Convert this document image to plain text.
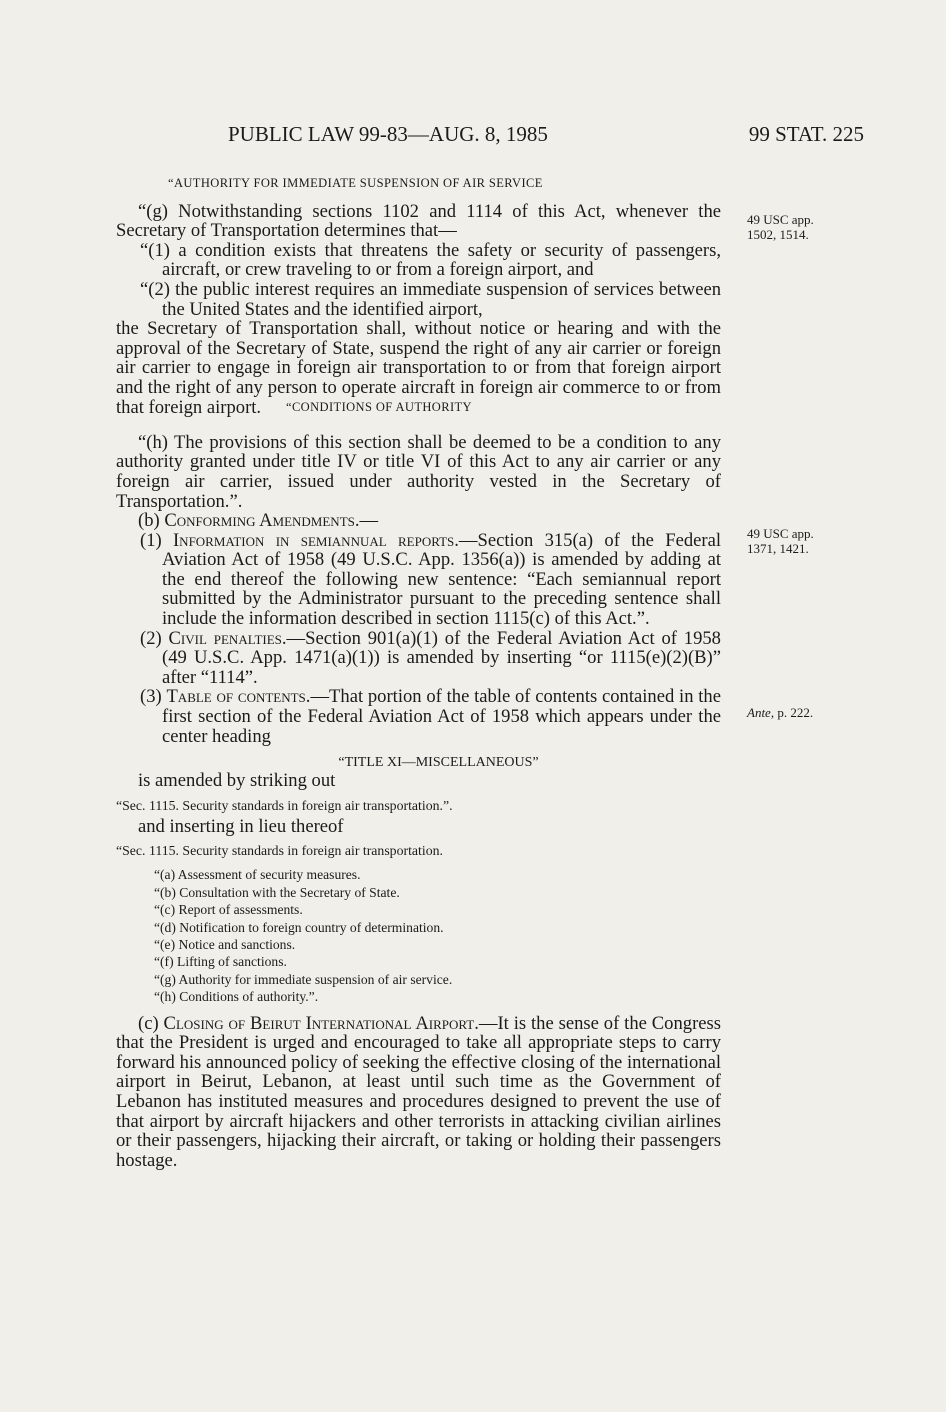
PUBLIC LAW 99-83—AUG. 8, 1985	99 STAT. 225
49 USC app.
1502, 1514.
49 USC app.
1371, 1421.
Ante, p. 222.
“AUTHORITY FOR IMMEDIATE SUSPENSION OF AIR SERVICE

“(g) Notwithstanding sections 1102 and 1114 of this Act, whenever the Secretary of Transportation determines that—

“(1) a condition exists that threatens the safety or security of passengers, aircraft, or crew traveling to or from a foreign airport, and

“(2) the public interest requires an immediate suspension of services between the United States and the identified airport,

the Secretary of Transportation shall, without notice or hearing and with the approval of the Secretary of State, suspend the right of any air carrier or foreign air carrier to engage in foreign air transportation to or from that foreign airport and the right of any person to operate aircraft in foreign air commerce to or from that foreign airport.	“CONDITIONS OF AUTHORITY

“(h) The provisions of this section shall be deemed to be a condition to any authority granted under title IV or title VI of this Act to any air carrier or any foreign air carrier, issued under authority vested in the Secretary of Transportation.”.

(b) Conforming Amendments.—

(1) Information in semiannual reports.—Section 315(a) of the Federal Aviation Act of 1958 (49 U.S.C. App. 1356(a)) is amended by adding at the end thereof the following new sentence: “Each semiannual report submitted by the Administrator pursuant to the preceding sentence shall include the information described in section 1115(c) of this Act.”.

(2) Civil penalties.—Section 901(a)(1) of the Federal Aviation Act of 1958 (49 U.S.C. App. 1471(a)(1)) is amended by inserting “or 1115(e)(2)(B)” after “1114”.

(3) Table of contents.—That portion of the table of contents contained in the first section of the Federal Aviation Act of 1958 which appears under the center heading

“TITLE XI—MISCELLANEOUS”

is amended by striking out

“Sec. 1115. Security standards in foreign air transportation.”.

and inserting in lieu thereof

“Sec. 1115. Security standards in foreign air transportation.

“(a) Assessment of security measures.

“(b) Consultation with the Secretary of State.

“(c) Report of assessments.

“(d) Notification to foreign country of determination.

“(e) Notice and sanctions.

“(f) Lifting of sanctions.

“(g) Authority for immediate suspension of air service.

“(h) Conditions of authority.”.

(c) Closing of Beirut International Airport.—It is the sense of the Congress that the President is urged and encouraged to take all appropriate steps to carry forward his announced policy of seeking the effective closing of the international airport in Beirut, Lebanon, at least until such time as the Government of Lebanon has instituted measures and procedures designed to prevent the use of that airport by aircraft hijackers and other terrorists in attacking civilian airlines or their passengers, hijacking their aircraft, or taking or holding their passengers hostage.
